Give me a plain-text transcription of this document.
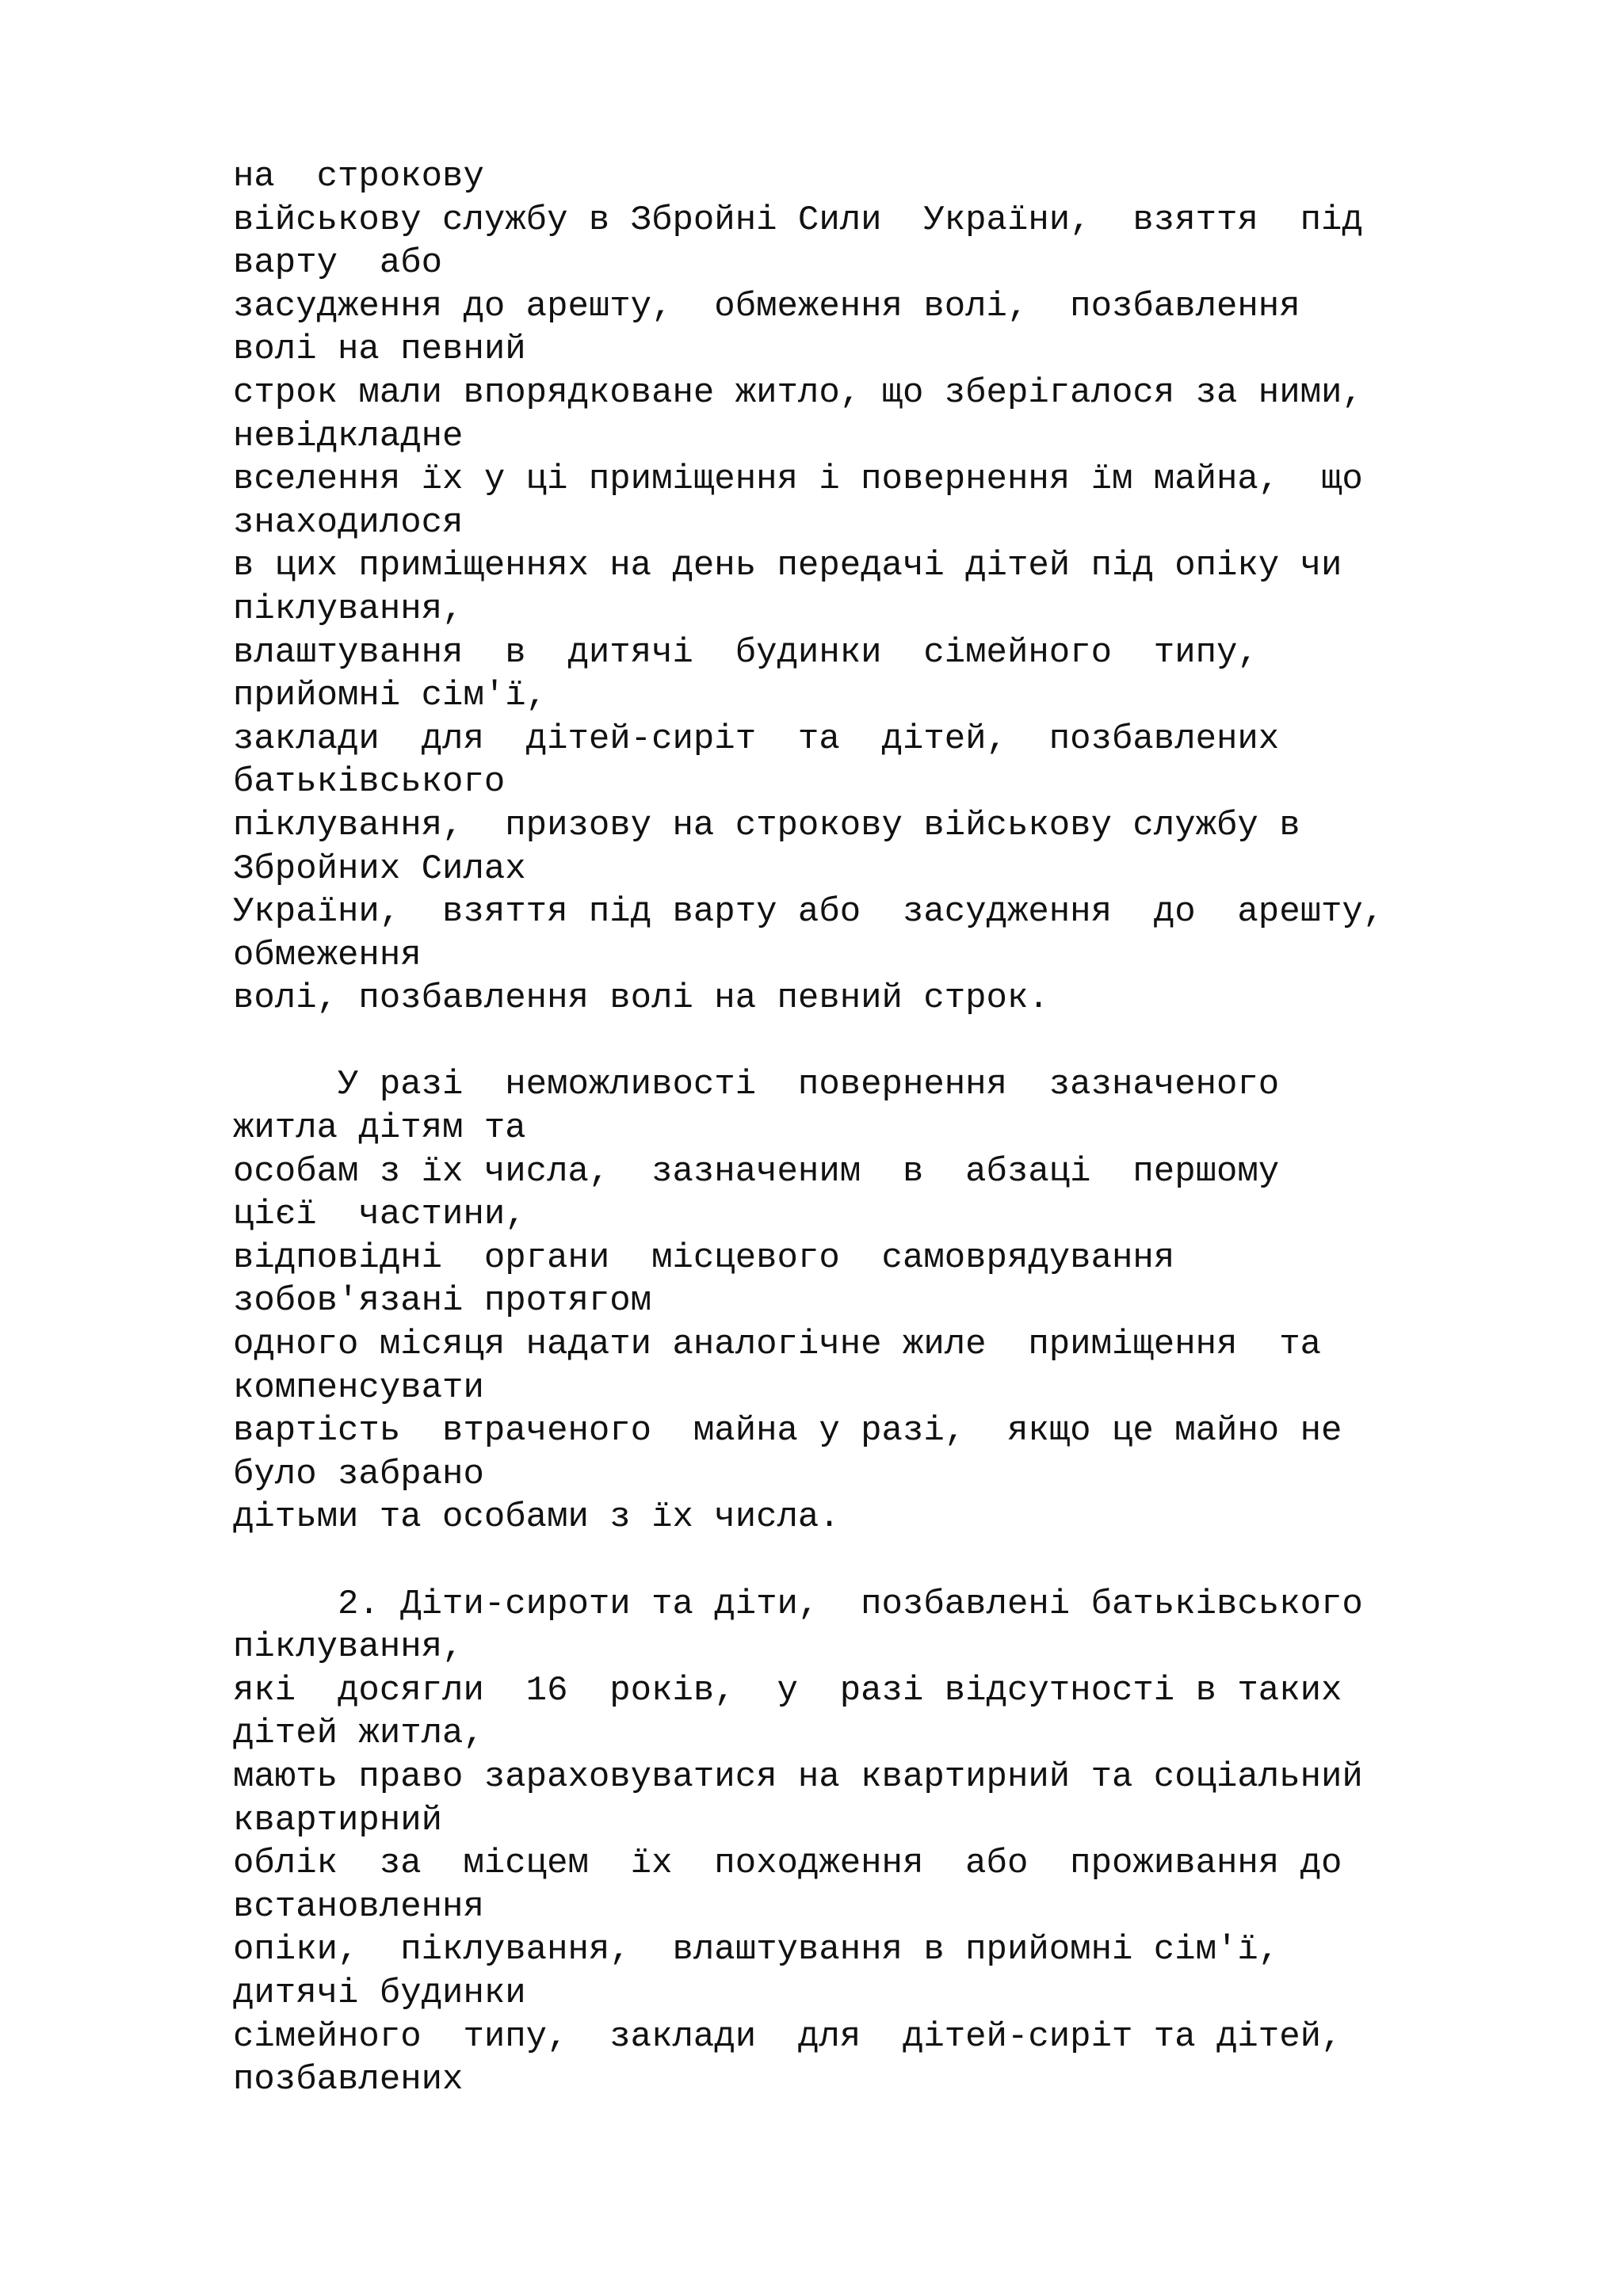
на  строкову
військову службу в Збройні Сили  України,  взяття  під
варту  або
засудження до арешту,  обмеження волі,  позбавлення
волі на певний
строк мали впорядковане житло, що зберігалося за ними,
невідкладне
вселення їх у ці приміщення і повернення їм майна,  що
знаходилося
в цих приміщеннях на день передачі дітей під опіку чи
піклування,
влаштування  в  дитячі  будинки  сімейного  типу,
прийомні сім'ї,
заклади  для  дітей-сиріт  та  дітей,  позбавлених
батьківського
піклування,  призову на строкову військову службу в
Збройних Силах
України,  взяття під варту або  засудження  до  арешту,
обмеження
волі, позбавлення волі на певний строк.
У разі  неможливості  повернення  зазначеного
житла дітям та
особам з їх числа,  зазначеним  в  абзаці  першому
цієї  частини,
відповідні  органи  місцевого  самоврядування
зобов'язані протягом
одного місяця надати аналогічне жиле  приміщення  та
компенсувати
вартість  втраченого  майна у разі,  якщо це майно не
було забрано
дітьми та особами з їх числа.
2. Діти-сироти та діти,  позбавлені батьківського
піклування,
які  досягли  16  років,  у  разі відсутності в таких
дітей житла,
мають право зараховуватися на квартирний та соціальний
квартирний
облік  за  місцем  їх  походження  або  проживання до
встановлення
опіки,  піклування,  влаштування в прийомні сім'ї,
дитячі будинки
сімейного  типу,  заклади  для  дітей-сиріт та дітей,
позбавлених
